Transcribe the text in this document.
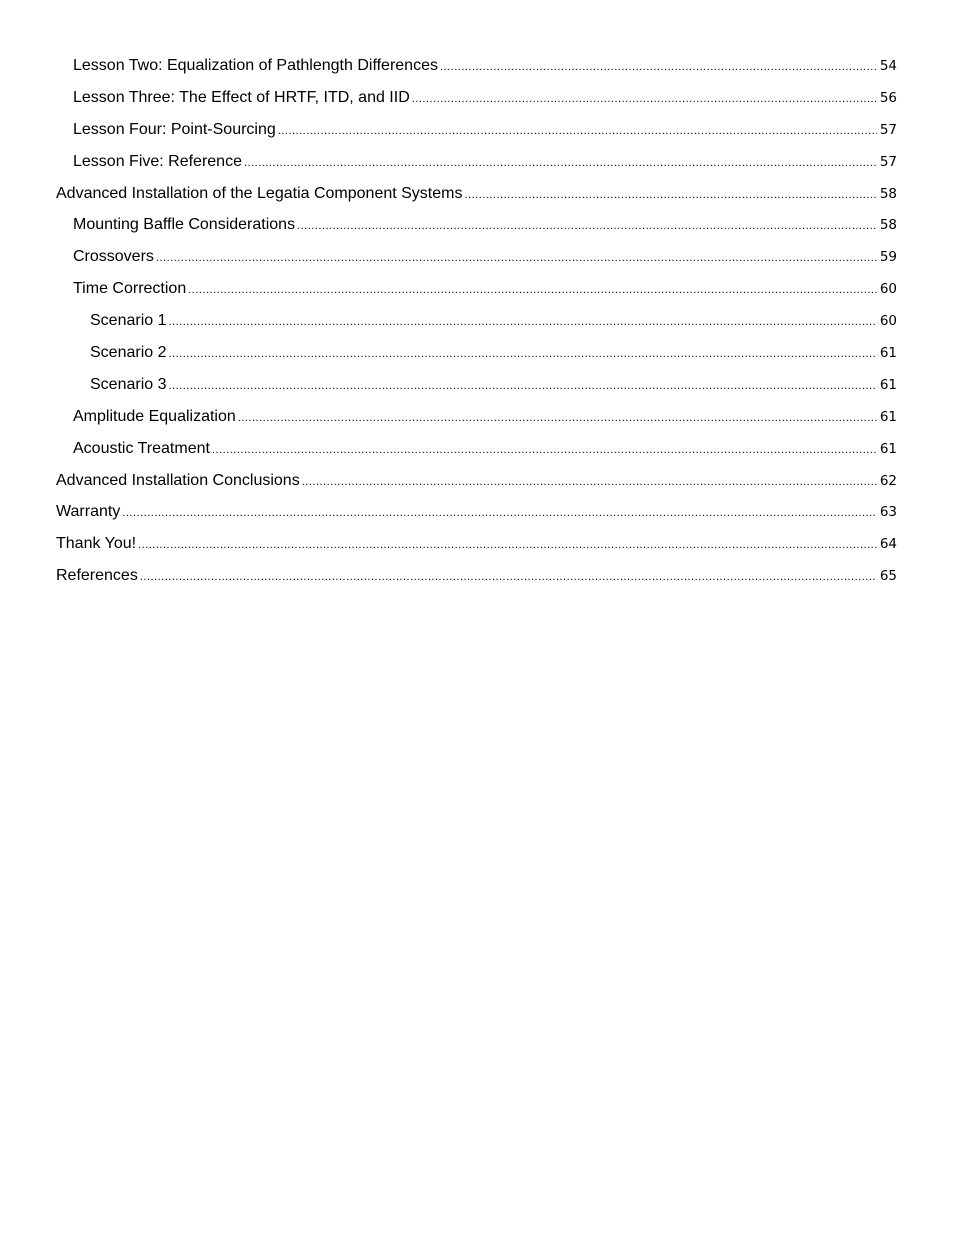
Lesson Two: Equalization of Pathlength Differences .....	54
Lesson Three: The Effect of HRTF, ITD, and IID .....	56
Lesson Four: Point-Sourcing .....	57
Lesson Five: Reference .....	57
Advanced Installation of the Legatia Component Systems .....	58
Mounting Baffle Considerations .....	58
Crossovers .....	59
Time Correction .....	60
Scenario 1 .....	60
Scenario 2 .....	61
Scenario 3 .....	61
Amplitude Equalization .....	61
Acoustic Treatment .....	61
Advanced Installation Conclusions .....	62
Warranty .....	63
Thank You! .....	64
References .....	65
